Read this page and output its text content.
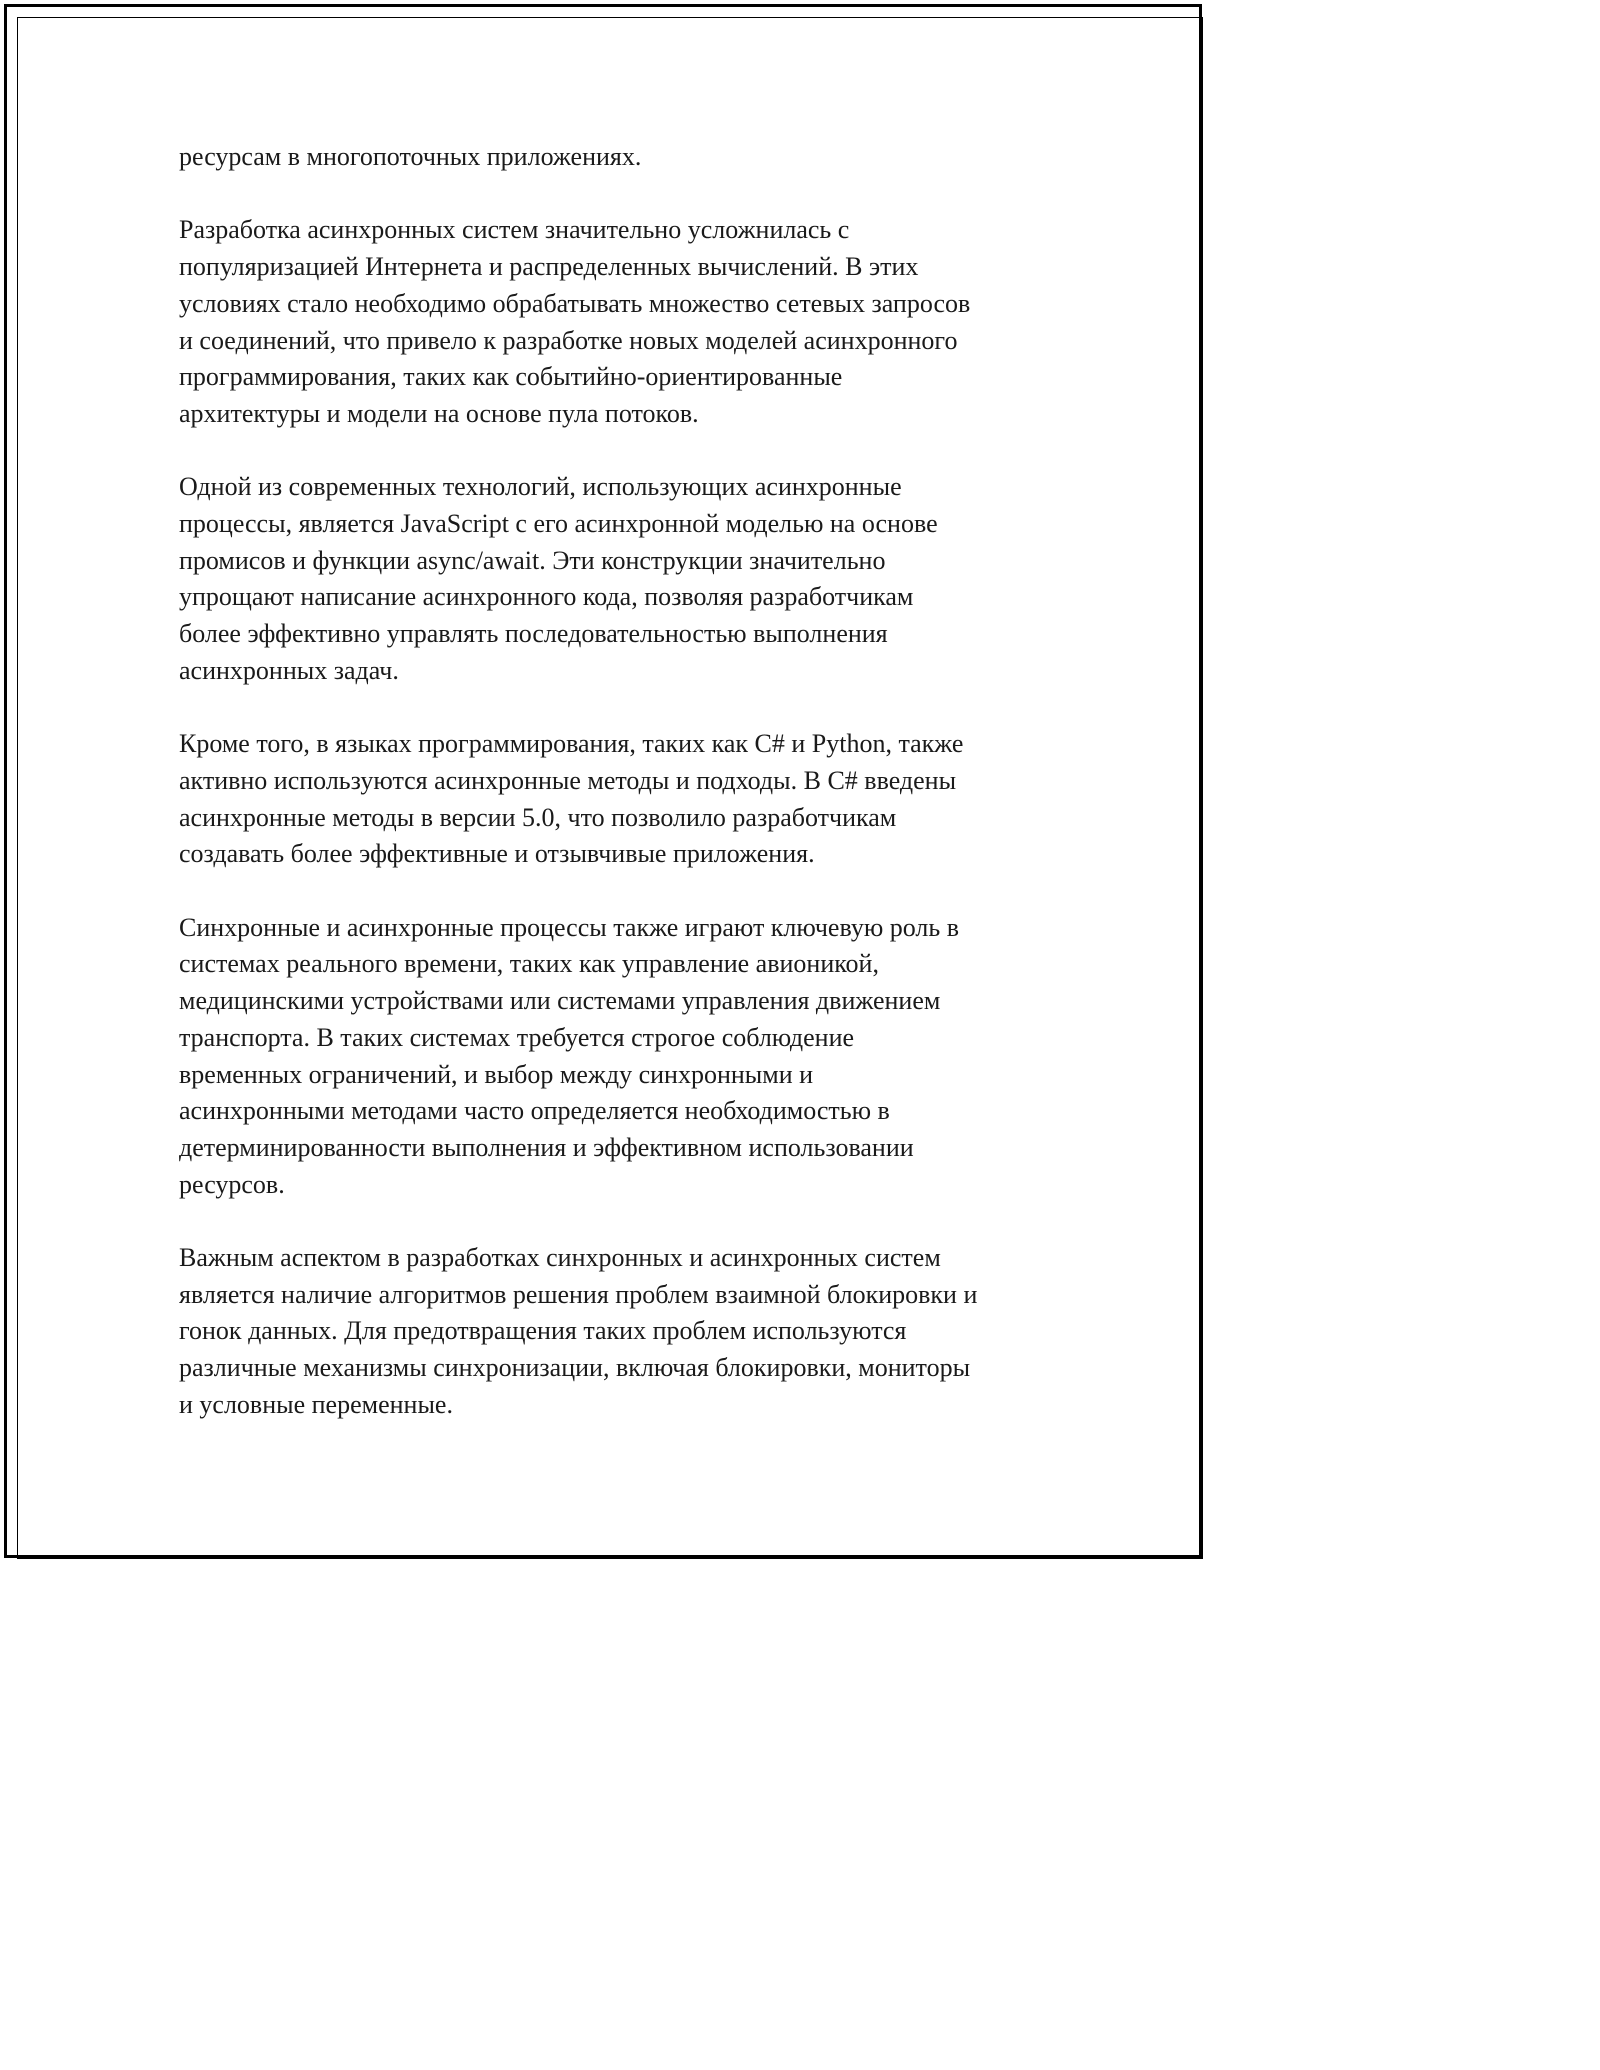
ресурсам в многопоточных приложениях.

Разработка асинхронных систем значительно усложнилась с
популяризацией Интернета и распределенных вычислений. В этих
условиях стало необходимо обрабатывать множество сетевых запросов
и соединений, что привело к разработке новых моделей асинхронного
программирования, таких как событийно-ориентированные
архитектуры и модели на основе пула потоков.

Одной из современных технологий, использующих асинхронные
процессы, является JavaScript с его асинхронной моделью на основе
промисов и функции async/await. Эти конструкции значительно
упрощают написание асинхронного кода, позволяя разработчикам
более эффективно управлять последовательностью выполнения
асинхронных задач.

Кроме того, в языках программирования, таких как C# и Python, также
активно используются асинхронные методы и подходы. В C# введены
асинхронные методы в версии 5.0, что позволило разработчикам
создавать более эффективные и отзывчивые приложения.

Синхронные и асинхронные процессы также играют ключевую роль в
системах реального времени, таких как управление авионикой,
медицинскими устройствами или системами управления движением
транспорта. В таких системах требуется строгое соблюдение
временных ограничений, и выбор между синхронными и
асинхронными методами часто определяется необходимостью в
детерминированности выполнения и эффективном использовании
ресурсов.

Важным аспектом в разработках синхронных и асинхронных систем
является наличие алгоритмов решения проблем взаимной блокировки и
гонок данных. Для предотвращения таких проблем используются
различные механизмы синхронизации, включая блокировки, мониторы
и условные переменные.
